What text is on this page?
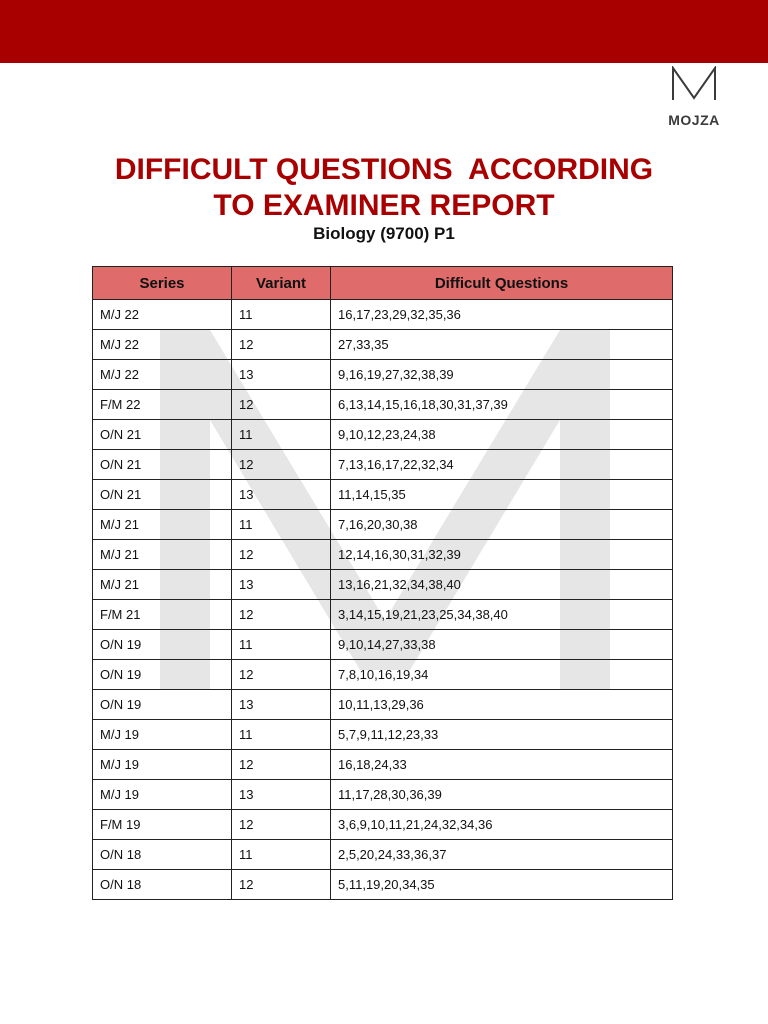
MOJZA
DIFFICULT QUESTIONS  ACCORDING
TO EXAMINER REPORT
Biology (9700) P1
Series	Variant	Difficult Questions
M/J 22	11	16,17,23,29,32,35,36
M/J 22	12	27,33,35
M/J 22	13	9,16,19,27,32,38,39
F/M 22	12	6,13,14,15,16,18,30,31,37,39
O/N 21	11	9,10,12,23,24,38
O/N 21	12	7,13,16,17,22,32,34
O/N 21	13	11,14,15,35
M/J 21	11	7,16,20,30,38
M/J 21	12	12,14,16,30,31,32,39
M/J 21	13	13,16,21,32,34,38,40
F/M 21	12	3,14,15,19,21,23,25,34,38,40
O/N 19	11	9,10,14,27,33,38
O/N 19	12	7,8,10,16,19,34
O/N 19	13	10,11,13,29,36
M/J 19	11	5,7,9,11,12,23,33
M/J 19	12	16,18,24,33
M/J 19	13	11,17,28,30,36,39
F/M 19	12	3,6,9,10,11,21,24,32,34,36
O/N 18	11	2,5,20,24,33,36,37
O/N 18	12	5,11,19,20,34,35
